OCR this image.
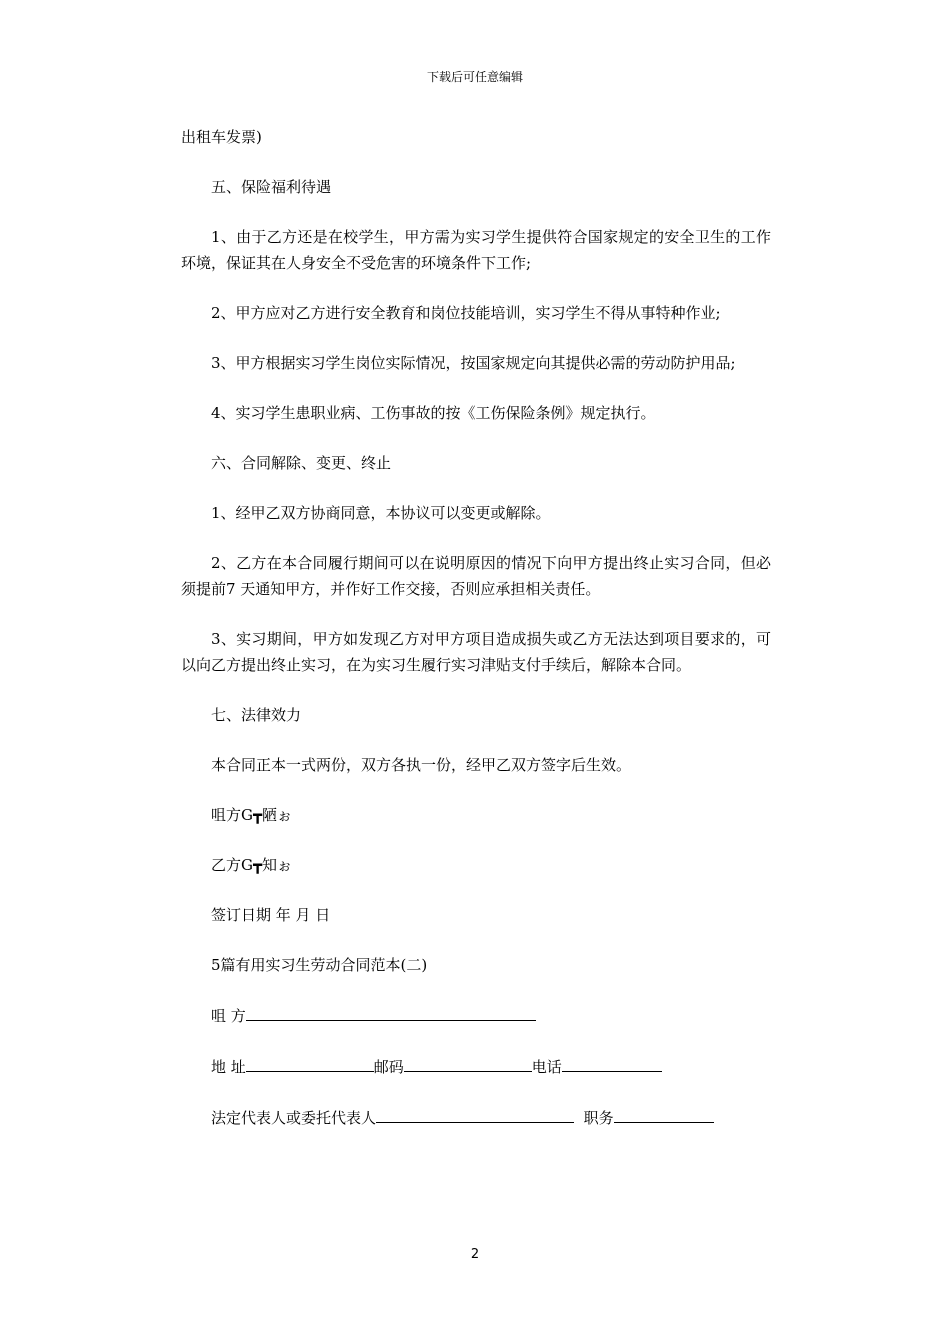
下载后可任意编辑

出租车发票)

五、保险福利待遇

1、由于乙方还是在校学生，甲方需为实习学生提供符合国家规定的安全卫生的工作环境，保证其在人身安全不受危害的环境条件下工作;

2、甲方应对乙方进行安全教育和岗位技能培训，实习学生不得从事特种作业;

3、甲方根据实习学生岗位实际情况，按国家规定向其提供必需的劳动防护用品;

4、实习学生患职业病、工伤事故的按《工伤保险条例》规定执行。

六、合同解除、变更、终止

1、经甲乙双方协商同意，本协议可以变更或解除。

2、乙方在本合同履行期间可以在说明原因的情况下向甲方提出终止实习合同，但必须提前7 天通知甲方，并作好工作交接，否则应承担相关责任。

3、实习期间，甲方如发现乙方对甲方项目造成损失或乙方无法达到项目要求的，可以向乙方提出终止实习，在为实习生履行实习津贴支付手续后，解除本合同。

七、法律效力

本合同正本一式两份，双方各执一份，经甲乙双方签字后生效。

咀方G┳陋ぉ

乙方G┳知ぉ

签订日期 年 月 日

5篇有用实习生劳动合同范本(二)

咀 方

地 址	邮码	电话

法定代表人或委托代表人	职务

2
